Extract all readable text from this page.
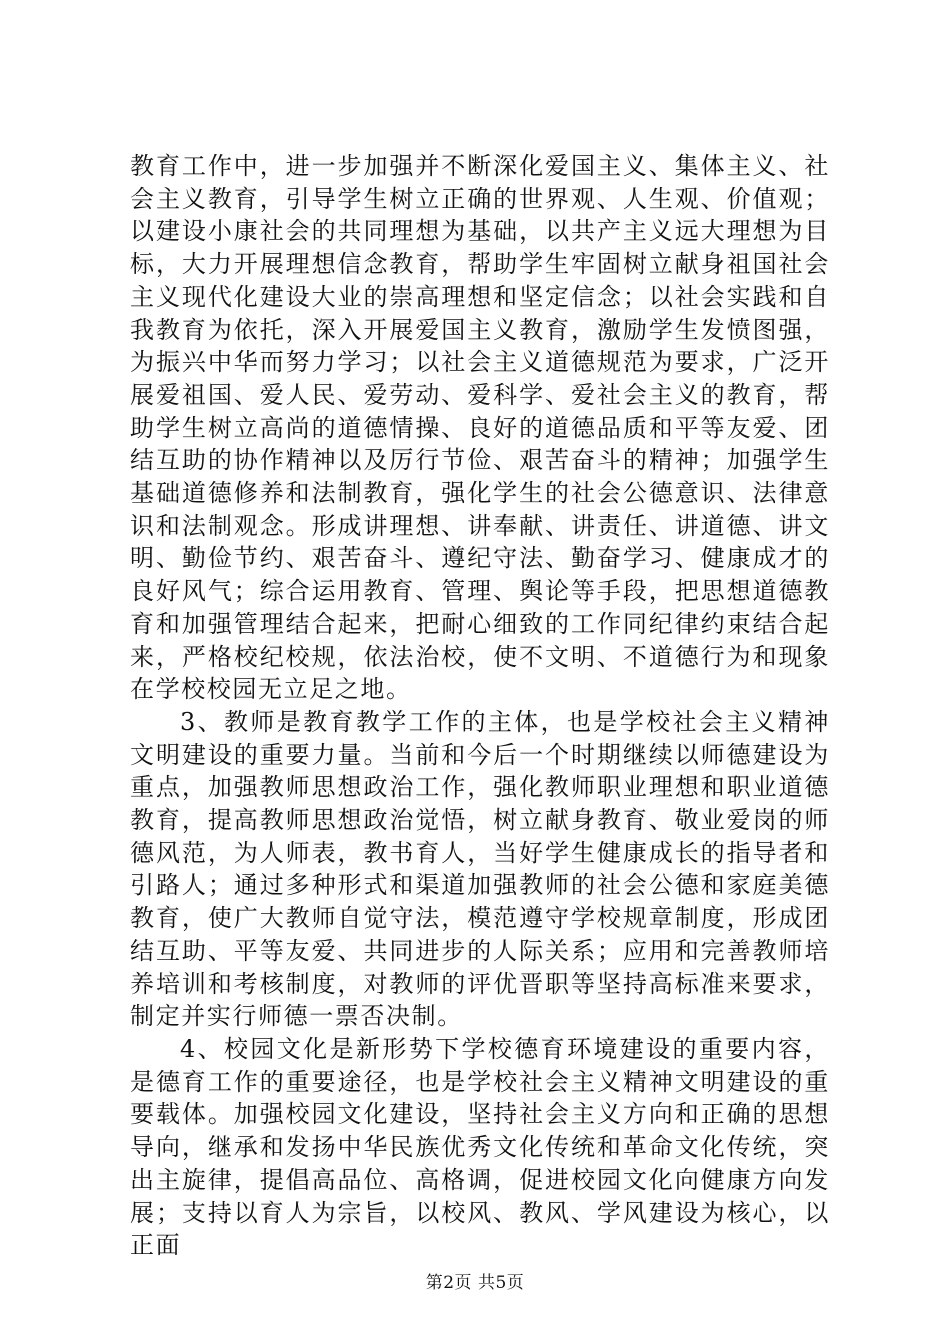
教育工作中，进一步加强并不断深化爱国主义、集体主义、社会主义教育，引导学生树立正确的世界观、人生观、价值观；以建设小康社会的共同理想为基础，以共产主义远大理想为目标，大力开展理想信念教育，帮助学生牢固树立献身祖国社会主义现代化建设大业的崇高理想和坚定信念；以社会实践和自我教育为依托，深入开展爱国主义教育，激励学生发愤图强，为振兴中华而努力学习；以社会主义道德规范为要求，广泛开展爱祖国、爱人民、爱劳动、爱科学、爱社会主义的教育，帮助学生树立高尚的道德情操、良好的道德品质和平等友爱、团结互助的协作精神以及厉行节俭、艰苦奋斗的精神；加强学生基础道德修养和法制教育，强化学生的社会公德意识、法律意识和法制观念。形成讲理想、讲奉献、讲责任、讲道德、讲文明、勤俭节约、艰苦奋斗、遵纪守法、勤奋学习、健康成才的良好风气；综合运用教育、管理、舆论等手段，把思想道德教育和加强管理结合起来，把耐心细致的工作同纪律约束结合起来，严格校纪校规，依法治校，使不文明、不道德行为和现象在学校校园无立足之地。

3、教师是教育教学工作的主体，也是学校社会主义精神文明建设的重要力量。当前和今后一个时期继续以师德建设为重点，加强教师思想政治工作，强化教师职业理想和职业道德教育，提高教师思想政治觉悟，树立献身教育、敬业爱岗的师德风范，为人师表，教书育人，当好学生健康成长的指导者和引路人；通过多种形式和渠道加强教师的社会公德和家庭美德教育，使广大教师自觉守法，模范遵守学校规章制度，形成团结互助、平等友爱、共同进步的人际关系；应用和完善教师培养培训和考核制度，对教师的评优晋职等坚持高标准来要求，制定并实行师德一票否决制。

4、校园文化是新形势下学校德育环境建设的重要内容，是德育工作的重要途径，也是学校社会主义精神文明建设的重要载体。加强校园文化建设，坚持社会主义方向和正确的思想导向，继承和发扬中华民族优秀文化传统和革命文化传统，突出主旋律，提倡高品位、高格调，促进校园文化向健康方向发展；支持以育人为宗旨，以校风、教风、学风建设为核心，以正面

第2页 共5页
